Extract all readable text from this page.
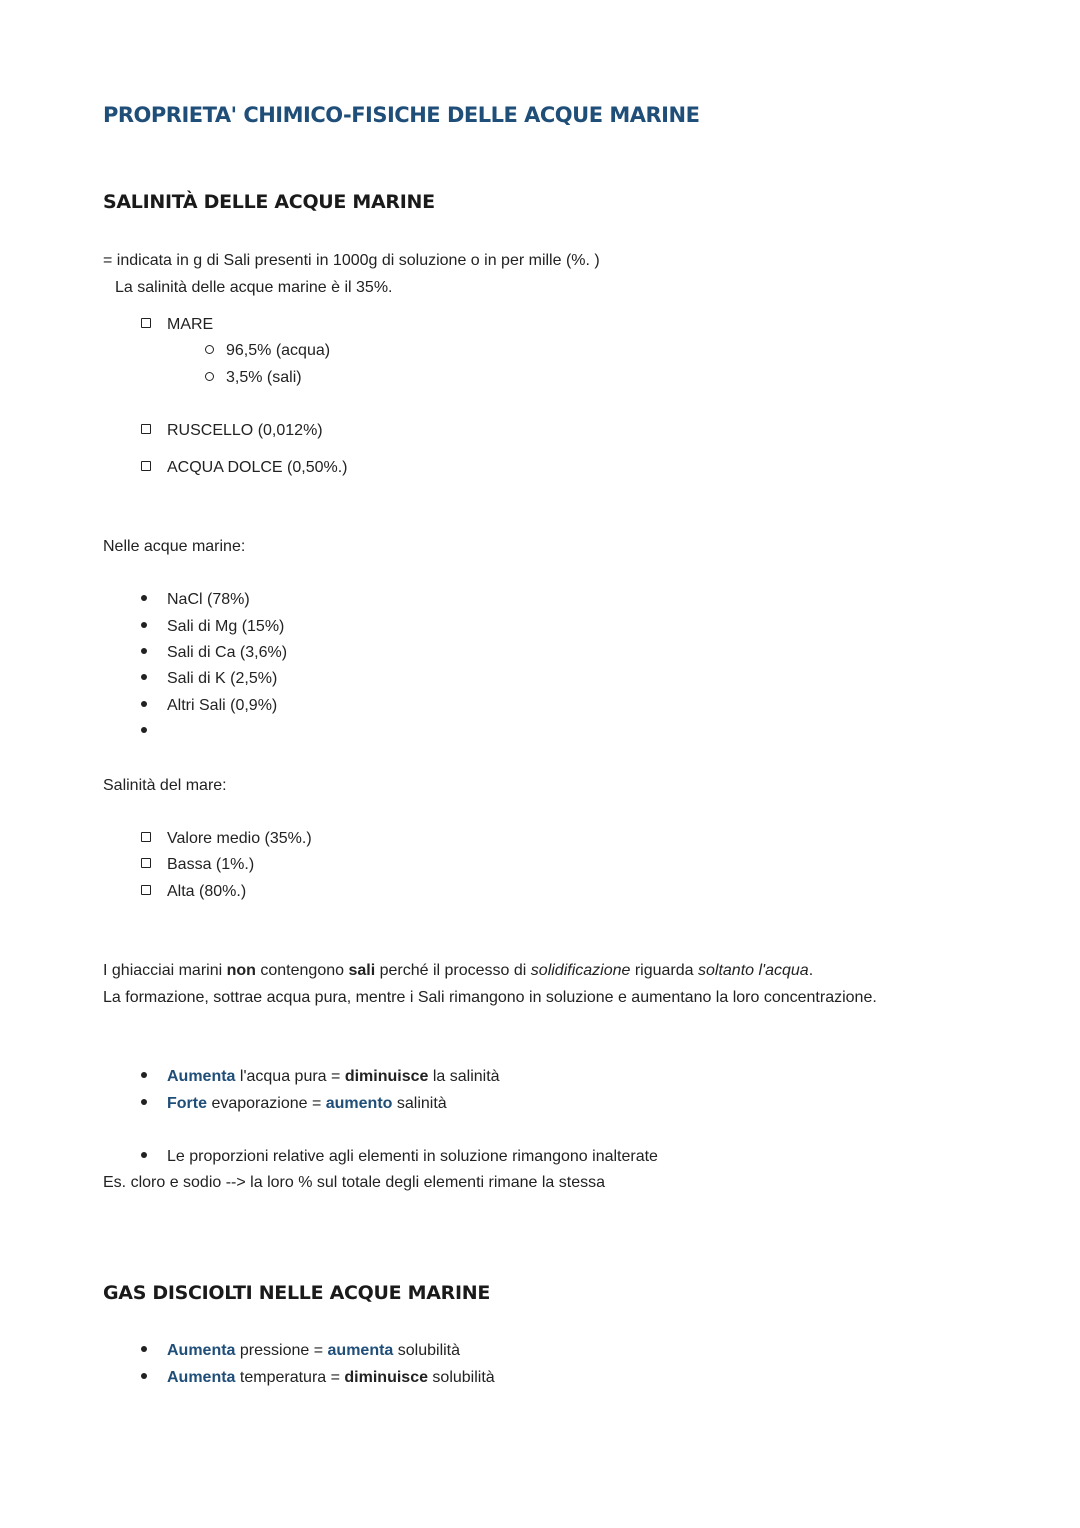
PROPRIETA' CHIMICO-FISICHE DELLE ACQUE MARINE
SALINITÀ DELLE ACQUE MARINE
= indicata in g di Sali presenti in 1000g di soluzione o in per mille (%. )
La salinità delle acque marine è il 35%.
MARE
96,5% (acqua)
3,5% (sali)
RUSCELLO (0,012%)
ACQUA DOLCE (0,50%.)
Nelle acque marine:
NaCl (78%)
Sali di Mg (15%)
Sali di Ca (3,6%)
Sali di K (2,5%)
Altri Sali (0,9%)
Salinità del mare:
Valore medio (35%.)
Bassa (1%.)
Alta (80%.)
I ghiacciai marini non contengono sali perché il processo di solidificazione riguarda soltanto l'acqua.
La formazione, sottrae acqua pura, mentre i Sali rimangono in soluzione e aumentano la loro concentrazione.
Aumenta l'acqua pura = diminuisce la salinità
Forte evaporazione = aumento salinità
Le proporzioni relative agli elementi in soluzione rimangono inalterate
Es. cloro e sodio --> la loro % sul totale degli elementi rimane la stessa
GAS DISCIOLTI NELLE ACQUE MARINE
Aumenta pressione = aumenta solubilità
Aumenta temperatura = diminuisce solubilità
